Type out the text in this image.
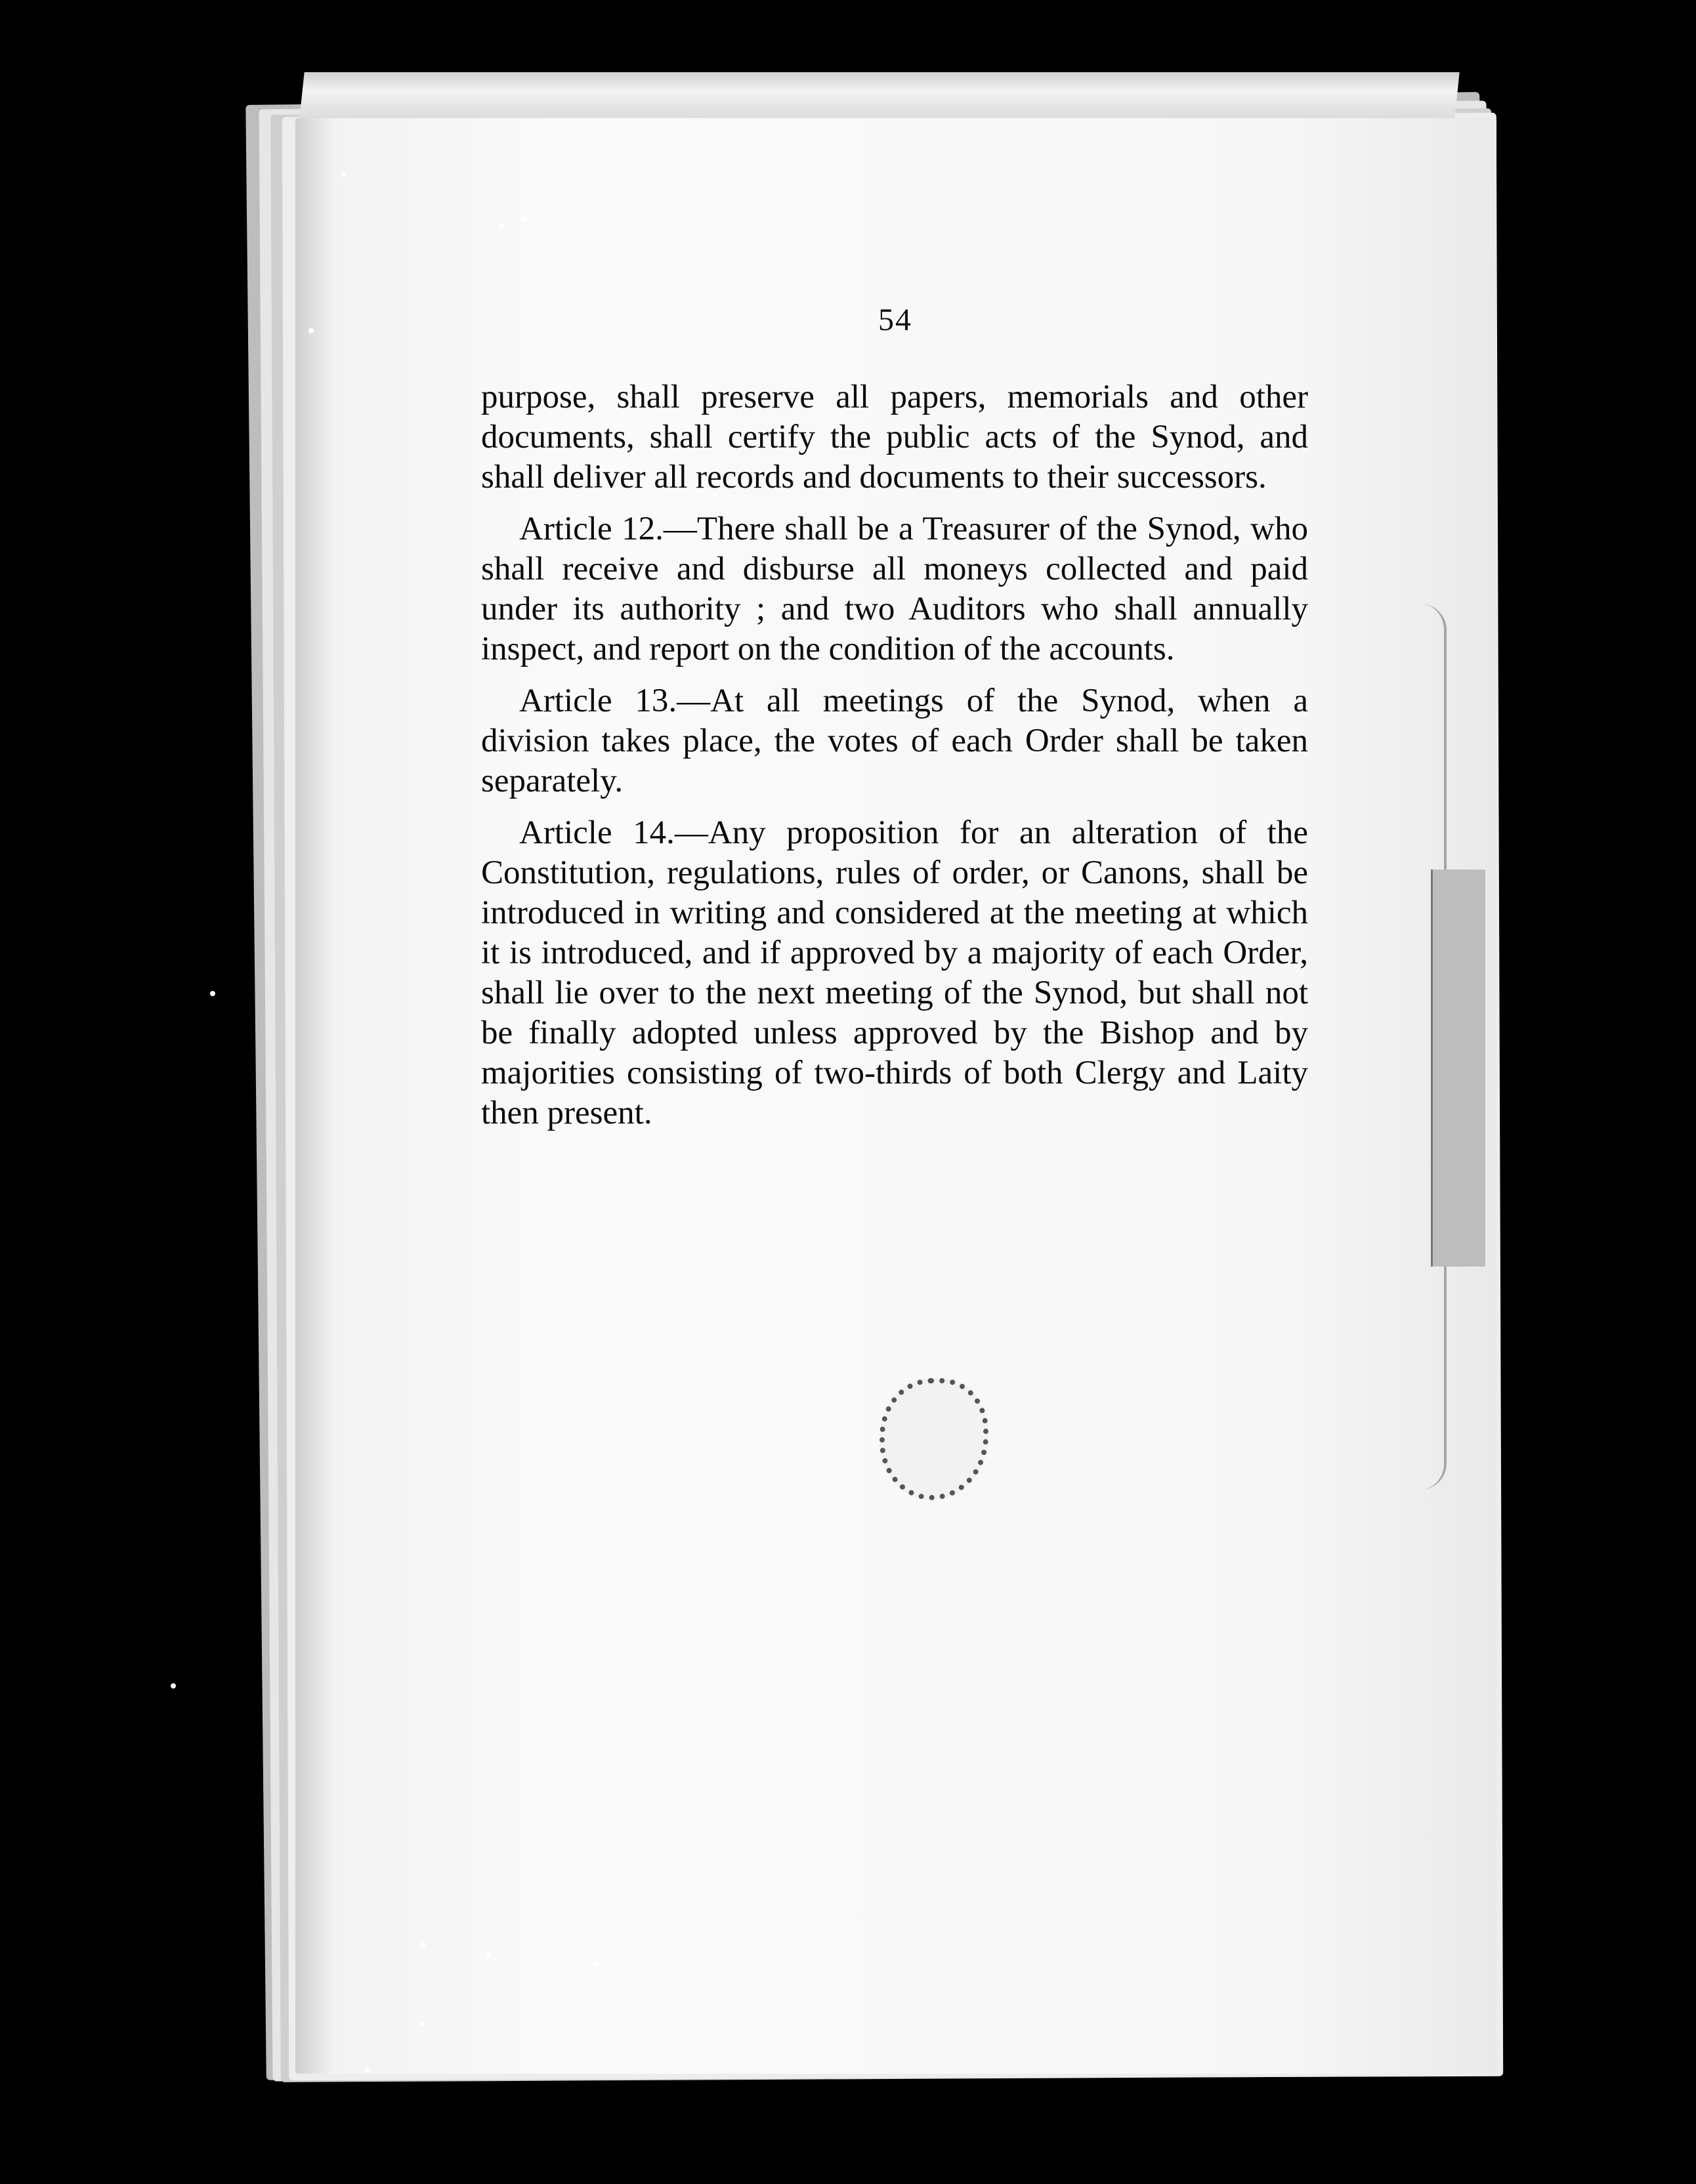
54

purpose, shall preserve all papers, memorials and other documents, shall certify the public acts of the Synod, and shall deliver all records and documents to their successors.

Article 12.—There shall be a Treasurer of the Synod, who shall receive and disburse all moneys collected and paid under its authority ; and two Auditors who shall annually inspect, and report on the condition of the accounts.

Article 13.—At all meetings of the Synod, when a division takes place, the votes of each Order shall be taken separately.

Article 14.—Any proposition for an alteration of the Constitution, regulations, rules of order, or Canons, shall be introduced in writing and considered at the meeting at which it is introduced, and if approved by a majority of each Order, shall lie over to the next meeting of the Synod, but shall not be finally adopted unless approved by the Bishop and by majorities consisting of two-thirds of both Clergy and Laity then present.
